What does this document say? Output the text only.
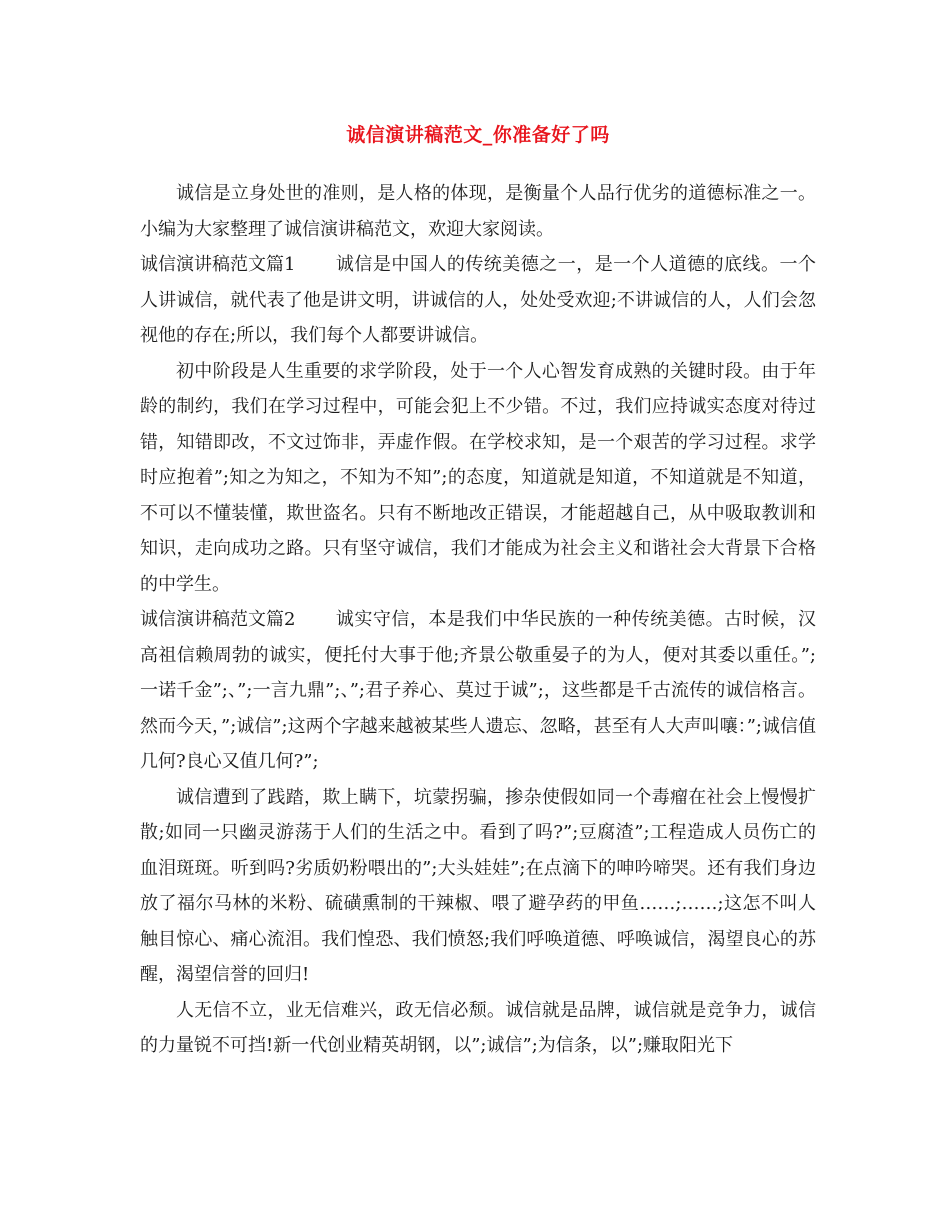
诚信演讲稿范文_你准备好了吗

诚信是立身处世的准则，是人格的体现，是衡量个人品行优劣的道德标准之一。小编为大家整理了诚信演讲稿范文，欢迎大家阅读。

诚信演讲稿范文篇1 诚信是中国人的传统美德之一，是一个人道德的底线。一个人讲诚信，就代表了他是讲文明，讲诚信的人，处处受欢迎;不讲诚信的人，人们会忽视他的存在;所以，我们每个人都要讲诚信。

初中阶段是人生重要的求学阶段，处于一个人心智发育成熟的关键时段。由于年龄的制约，我们在学习过程中，可能会犯上不少错。不过，我们应持诚实态度对待过错，知错即改，不文过饰非，弄虚作假。在学校求知，是一个艰苦的学习过程。求学时应抱着”;知之为知之，不知为不知”;的态度，知道就是知道，不知道就是不知道，不可以不懂装懂，欺世盗名。只有不断地改正错误，才能超越自己，从中吸取教训和知识，走向成功之路。只有坚守诚信，我们才能成为社会主义和谐社会大背景下合格的中学生。

诚信演讲稿范文篇2 诚实守信，本是我们中华民族的一种传统美德。古时候，汉高祖信赖周勃的诚实，便托付大事于他;齐景公敬重晏子的为人，便对其委以重任。”;一诺千金”;、”;一言九鼎”;、”;君子养心、莫过于诚”;，这些都是千古流传的诚信格言。然而今天，”;诚信”;这两个字越来越被某些人遗忘、忽略，甚至有人大声叫嚷：”;诚信值几何?良心又值几何?”;

诚信遭到了践踏，欺上瞒下，坑蒙拐骗，掺杂使假如同一个毒瘤在社会上慢慢扩散;如同一只幽灵游荡于人们的生活之中。看到了吗?”;豆腐渣”;工程造成人员伤亡的血泪斑斑。听到吗?劣质奶粉喂出的”;大头娃娃”;在点滴下的呻吟啼哭。还有我们身边放了福尔马林的米粉、硫磺熏制的干辣椒、喂了避孕药的甲鱼……;……;这怎不叫人触目惊心、痛心流泪。我们惶恐、我们愤怒;我们呼唤道德、呼唤诚信，渴望良心的苏醒，渴望信誉的回归!

人无信不立，业无信难兴，政无信必颓。诚信就是品牌，诚信就是竞争力，诚信的力量锐不可挡!新一代创业精英胡钢，以”;诚信”;为信条，以”;赚取阳光下
